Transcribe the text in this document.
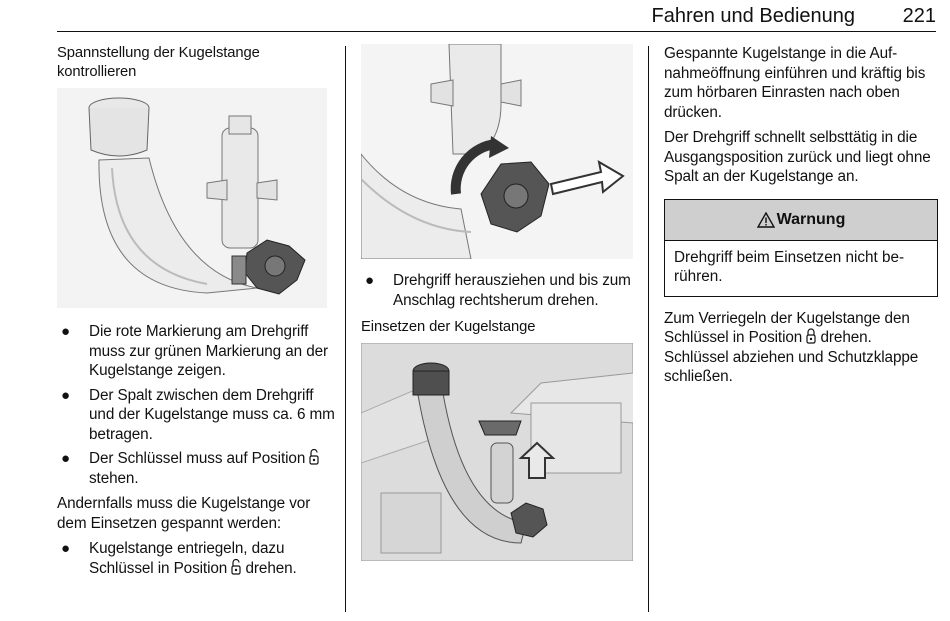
Fahren und Bedienung 221
Spannstellung der Kugelstange kontrollieren
● Die rote Markierung am Drehgriff muss zur grünen Markierung an der Kugelstange zeigen.
● Der Spalt zwischen dem Drehgriff und der Kugelstange muss ca. 6 mm betragen.
● Der Schlüssel muss auf Position  stehen.
Andernfalls muss die Kugelstange vor dem Einsetzen gespannt werden:
● Kugelstange entriegeln, dazu Schlüssel in Position drehen.
● Drehgriff herausziehen und bis zum Anschlag rechtsherum drehen.
Einsetzen der Kugelstange
Gespannte Kugelstange in die Aufnahmeöffnung einführen und kräftig bis zum hörbaren Einrasten nach oben drücken.
Der Drehgriff schnellt selbsttätig in die Ausgangsposition zurück und liegt ohne Spalt an der Kugelstange an.
Warnung
Drehgriff beim Einsetzen nicht berühren.
Zum Verriegeln der Kugelstange den Schlüssel in Position drehen. Schlüssel abziehen und Schutzklappe schließen.
